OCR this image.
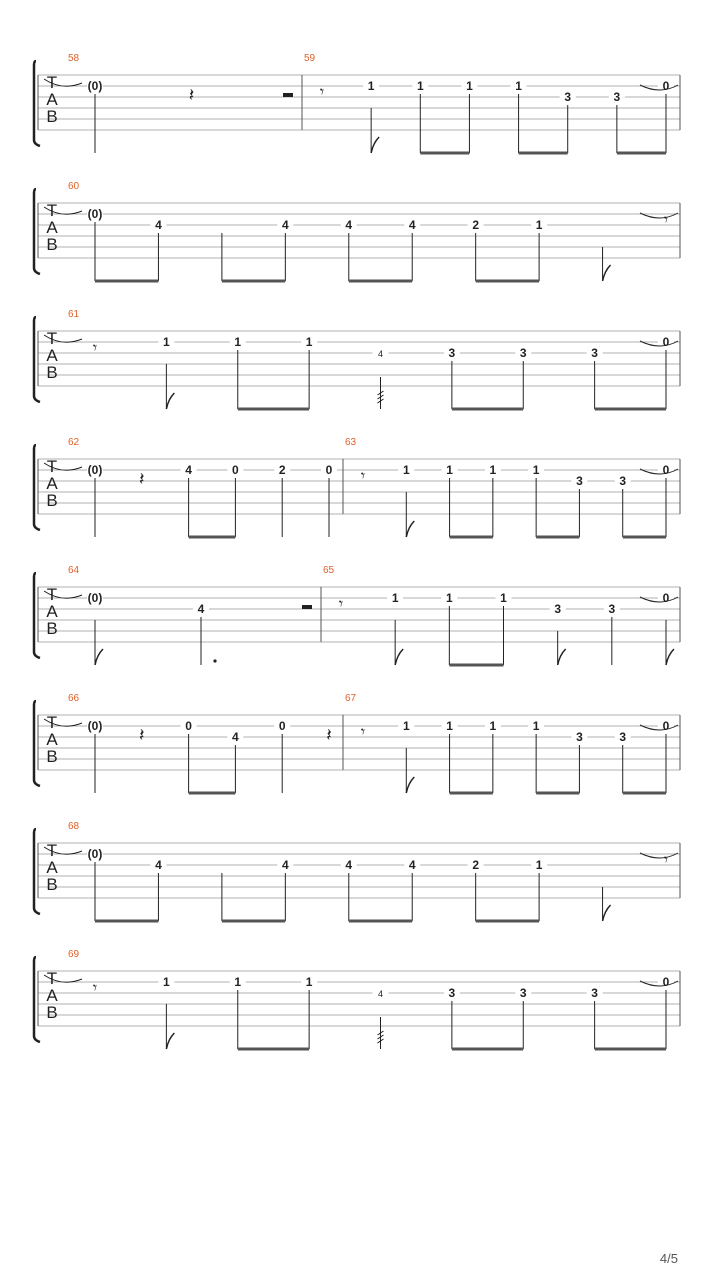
T
A
B
58
(0)	𝄽
59
𝄾	1	1	1	1
3	3
0
T
A
B
60
(0)
4	4	4	4	2	1	𝄾
T
A
B
61
𝄾	1	1	1
4	3	3	3
0
T
A
B
62
(0) 𝄽	4	0	2	0
63
𝄾	1	1	1	1
3	3
0
T
A
B
64
(0)
4
65
𝄾	1	1	1
3	3
0
T
A
B
66
(0) 𝄽	0
4
0 𝄽
67
𝄾	1	1	1	1
3	3
0
T
A
B
68
(0)
4	4	4	4	2	1	𝄾
T
A
B
69
𝄾	1	1	1
4	3	3	3
0
4/5
